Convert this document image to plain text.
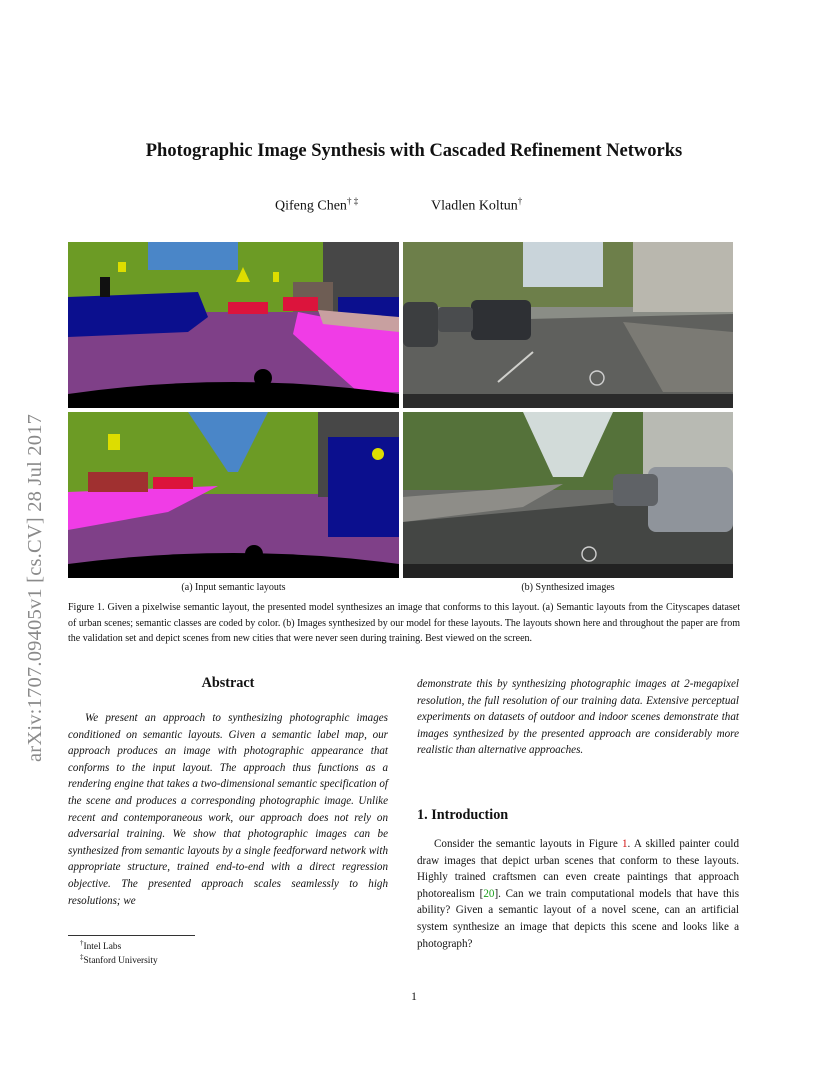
arXiv:1707.09405v1 [cs.CV] 28 Jul 2017
Photographic Image Synthesis with Cascaded Refinement Networks
Qifeng Chen† ‡	Vladlen Koltun†
(a) Input semantic layouts	(b) Synthesized images
Figure 1. Given a pixelwise semantic layout, the presented model synthesizes an image that conforms to this layout. (a) Semantic layouts from the Cityscapes dataset of urban scenes; semantic classes are coded by color. (b) Images synthesized by our model for these layouts. The layouts shown here and throughout the paper are from the validation set and depict scenes from new cities that were never seen during training. Best viewed on the screen.
Abstract
We present an approach to synthesizing photographic images conditioned on semantic layouts. Given a semantic label map, our approach produces an image with photographic appearance that conforms to the input layout. The approach thus functions as a rendering engine that takes a two-dimensional semantic specification of the scene and produces a corresponding photographic image. Unlike recent and contemporaneous work, our approach does not rely on adversarial training. We show that photographic images can be synthesized from semantic layouts by a single feedforward network with appropriate structure, trained end-to-end with a direct regression objective. The presented approach scales seamlessly to high resolutions; we
demonstrate this by synthesizing photographic images at 2-megapixel resolution, the full resolution of our training data. Extensive perceptual experiments on datasets of outdoor and indoor scenes demonstrate that images synthesized by the presented approach are considerably more realistic than alternative approaches.
1. Introduction
Consider the semantic layouts in Figure 1. A skilled painter could draw images that depict urban scenes that conform to these layouts. Highly trained craftsmen can even create paintings that approach photorealism [20]. Can we train computational models that have this ability? Given a semantic layout of a novel scene, can an artificial system synthesize an image that depicts this scene and looks like a photograph?
†Intel Labs
‡Stanford University
1
